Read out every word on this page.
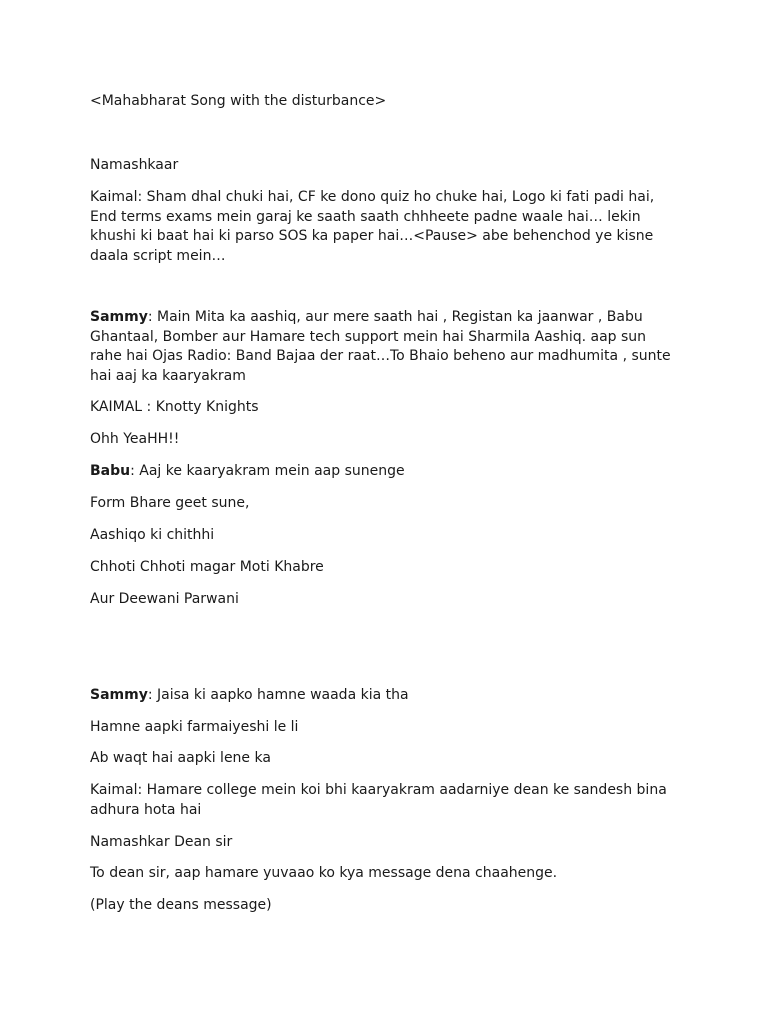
<Mahabharat Song with the disturbance>

Namashkaar

Kaimal: Sham dhal chuki hai, CF ke dono quiz ho chuke hai, Logo ki fati padi hai, End terms exams mein garaj ke saath saath chhheete padne waale hai… lekin khushi ki baat hai ki parso SOS ka paper hai…<Pause> abe behenchod ye kisne daala script mein…

Sammy: Main Mita ka aashiq, aur mere saath hai , Registan ka jaanwar , Babu Ghantaal, Bomber aur Hamare tech support mein hai Sharmila Aashiq. aap sun rahe hai Ojas Radio: Band Bajaa der raat…To Bhaio beheno aur madhumita , sunte hai aaj ka kaaryakram

KAIMAL : Knotty Knights

Ohh YeaHH!!

Babu: Aaj ke kaaryakram mein aap sunenge

Form Bhare geet sune,

Aashiqo ki chithhi

Chhoti Chhoti magar Moti Khabre

Aur Deewani Parwani

Sammy: Jaisa ki aapko hamne waada kia tha

Hamne aapki farmaiyeshi le li

Ab waqt hai aapki lene ka

Kaimal: Hamare college mein koi bhi kaaryakram aadarniye dean ke sandesh bina adhura hota hai

Namashkar Dean sir

To dean sir, aap hamare yuvaao ko kya message dena chaahenge.

(Play the deans message)
